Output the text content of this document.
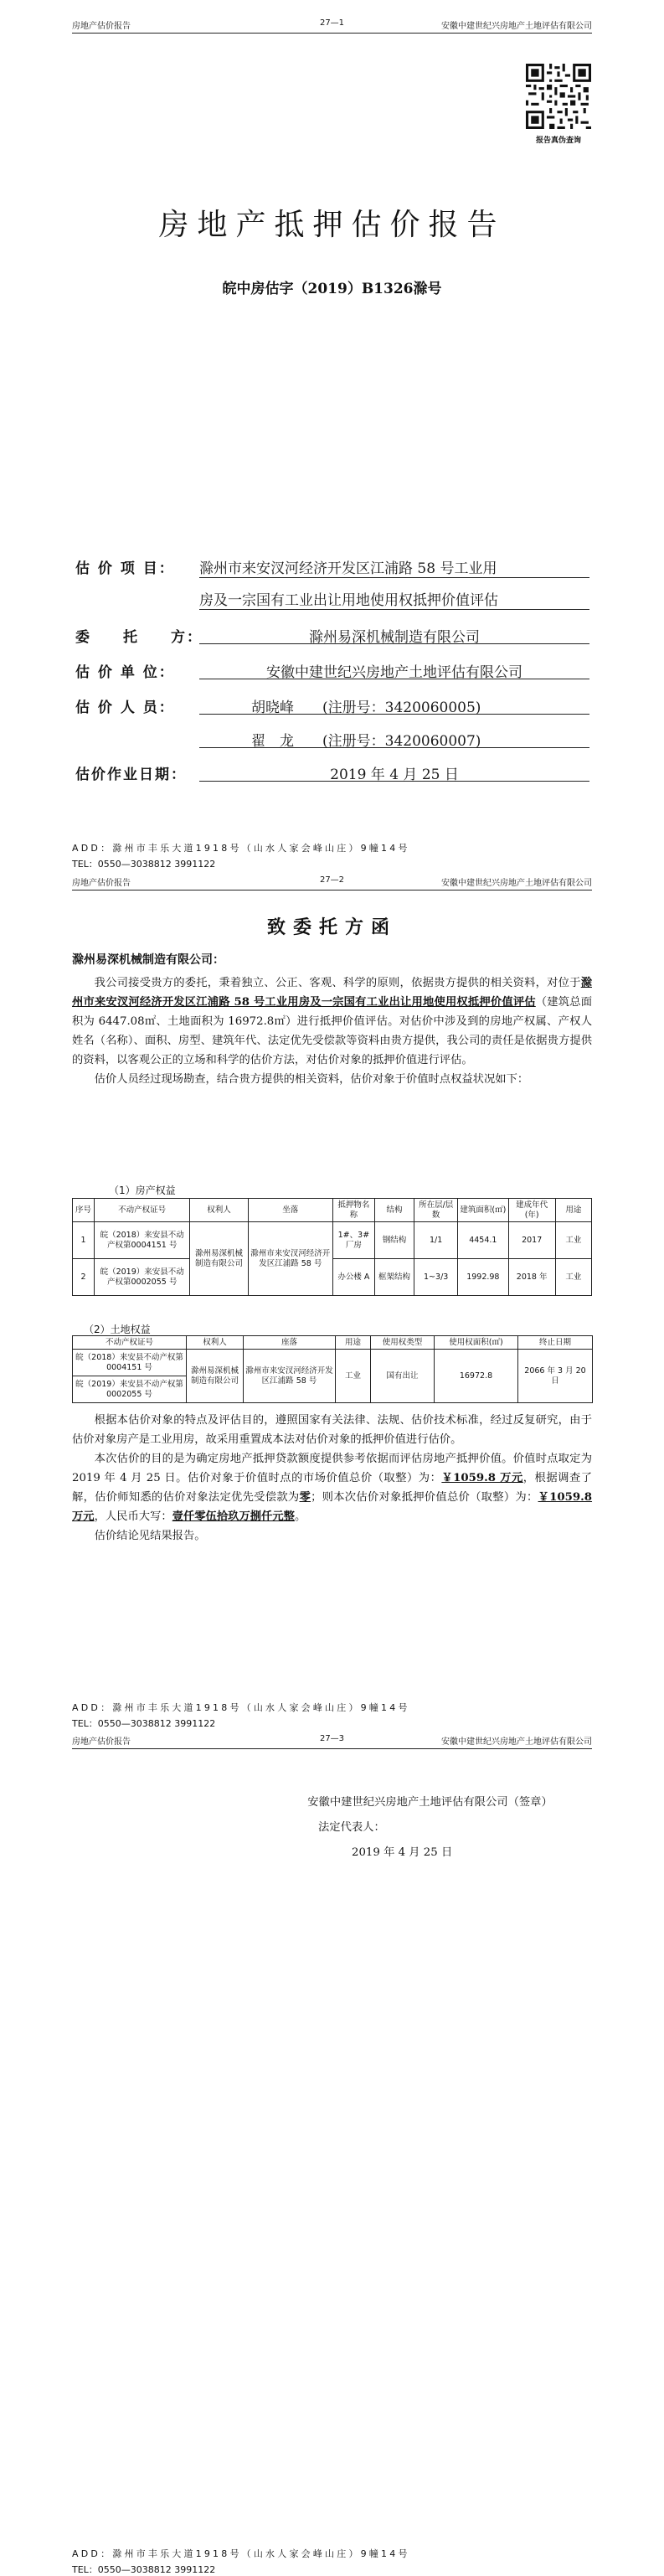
房地产估价报告	27—1	安徽中建世纪兴房地产土地评估有限公司
报告真伪查询
房地产抵押估价报告
皖中房估字（2019）B1326滁号
估 价 项 目： 滁州市来安汊河经济开发区江浦路 58 号工业用
房及一宗国有工业出让用地使用权抵押价值评估
委　　托　　方：	滁州易深机械制造有限公司
估 价 单 位：	安徽中建世纪兴房地产土地评估有限公司
估 价 人 员：	胡晓峰　　(注册号：3420060005)
翟　龙　　(注册号：3420060007)
估价作业日期：	2019 年 4 月 25 日
ADD：滁州市丰乐大道1918号（山水人家会峰山庄）9幢14号
TEL：0550—3038812 3991122
房地产估价报告	27—2	安徽中建世纪兴房地产土地评估有限公司
致委托方函
滁州易深机械制造有限公司：

我公司接受贵方的委托，秉着独立、公正、客观、科学的原则，依据贵方提供的相关资料，对位于滁州市来安汊河经济开发区江浦路 58 号工业用房及一宗国有工业出让用地使用权抵押价值评估（建筑总面积为 6447.08㎡、土地面积为 16972.8㎡）进行抵押价值评估。对估价中涉及到的房地产权属、产权人姓名（名称）、面积、房型、建筑年代、法定优先受偿款等资料由贵方提供，我公司的责任是依据贵方提供的资料，以客观公正的立场和科学的估价方法，对估价对象的抵押价值进行评估。

估价人员经过现场勘查，结合贵方提供的相关资料，估价对象于价值时点权益状况如下：

（1）房产权益
序号	不动产权证号	权利人	坐落	抵押物名称	结构	所在层/层数	建筑面积(㎡)	建成年代(年)	用途
1	皖（2018）来安县不动产权第0004151 号	滁州易深机械制造有限公司	滁州市来安汊河经济开发区江浦路 58 号	1#、3#厂房	钢结构	1/1	4454.1	2017	工业
2	皖（2019）来安县不动产权第0002055 号			办公楼 A	框架结构	1~3/3	1992.98	2018 年	工业
（2）土地权益
不动产权证号	权利人	座落	用途	使用权类型	使用权面积(㎡)	终止日期
皖（2018）来安县不动产权第0004151 号	滁州易深机械制造有限公司	滁州市来安汊河经济开发区江浦路 58 号	工业	国有出让	16972.8	2066 年 3 月 20 日
皖（2019）来安县不动产权第0002055 号						

根据本估价对象的特点及评估目的，遵照国家有关法律、法规、估价技术标准，经过反复研究，由于估价对象房产是工业用房，故采用重置成本法对估价对象的抵押价值进行估价。

本次估价的目的是为确定房地产抵押贷款额度提供参考依据而评估房地产抵押价值。价值时点取定为 2019 年 4 月 25 日。估价对象于价值时点的市场价值总价（取整）为：￥1059.8 万元，根据调查了解，估价师知悉的估价对象法定优先受偿款为零；则本次估价对象抵押价值总价（取整）为：￥1059.8 万元，人民币大写：壹仟零伍拾玖万捌仟元整。

估价结论见结果报告。

ADD：滁州市丰乐大道1918号（山水人家会峰山庄）9幢14号
TEL：0550—3038812 3991122
房地产估价报告	27—3	安徽中建世纪兴房地产土地评估有限公司
安徽中建世纪兴房地产土地评估有限公司（签章）
法定代表人：
2019 年 4 月 25 日
ADD：滁州市丰乐大道1918号（山水人家会峰山庄）9幢14号
TEL：0550—3038812 3991122
